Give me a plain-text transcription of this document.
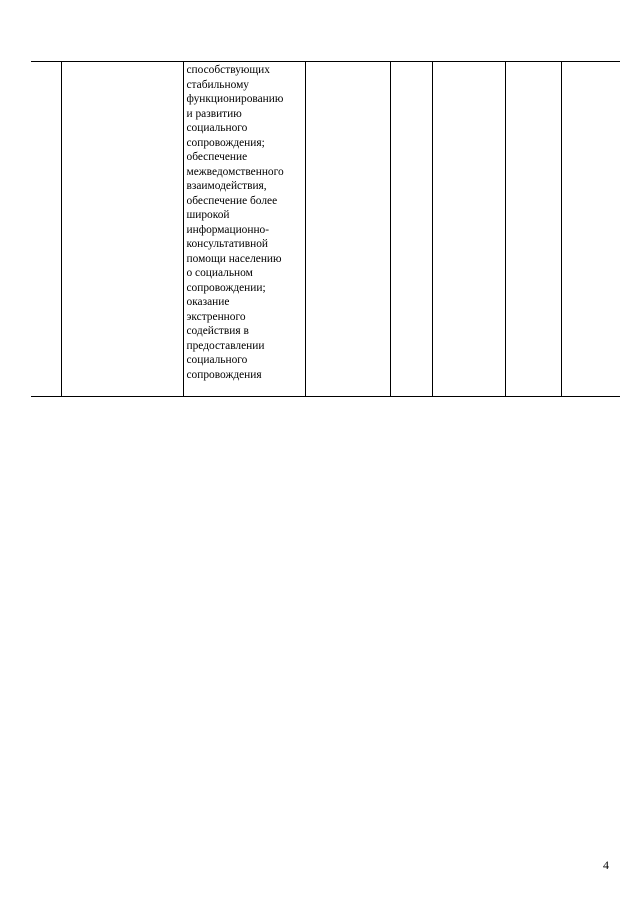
способствующих
стабильному
функционированию
и развитию
социального
сопровождения;
обеспечение
межведомственного
взаимодействия,
обеспечение более
широкой
информационно-
консультативной
помощи населению
о социальном
сопровождении;
оказание
экстренного
содействия в
предоставлении
социального
сопровождения

4
